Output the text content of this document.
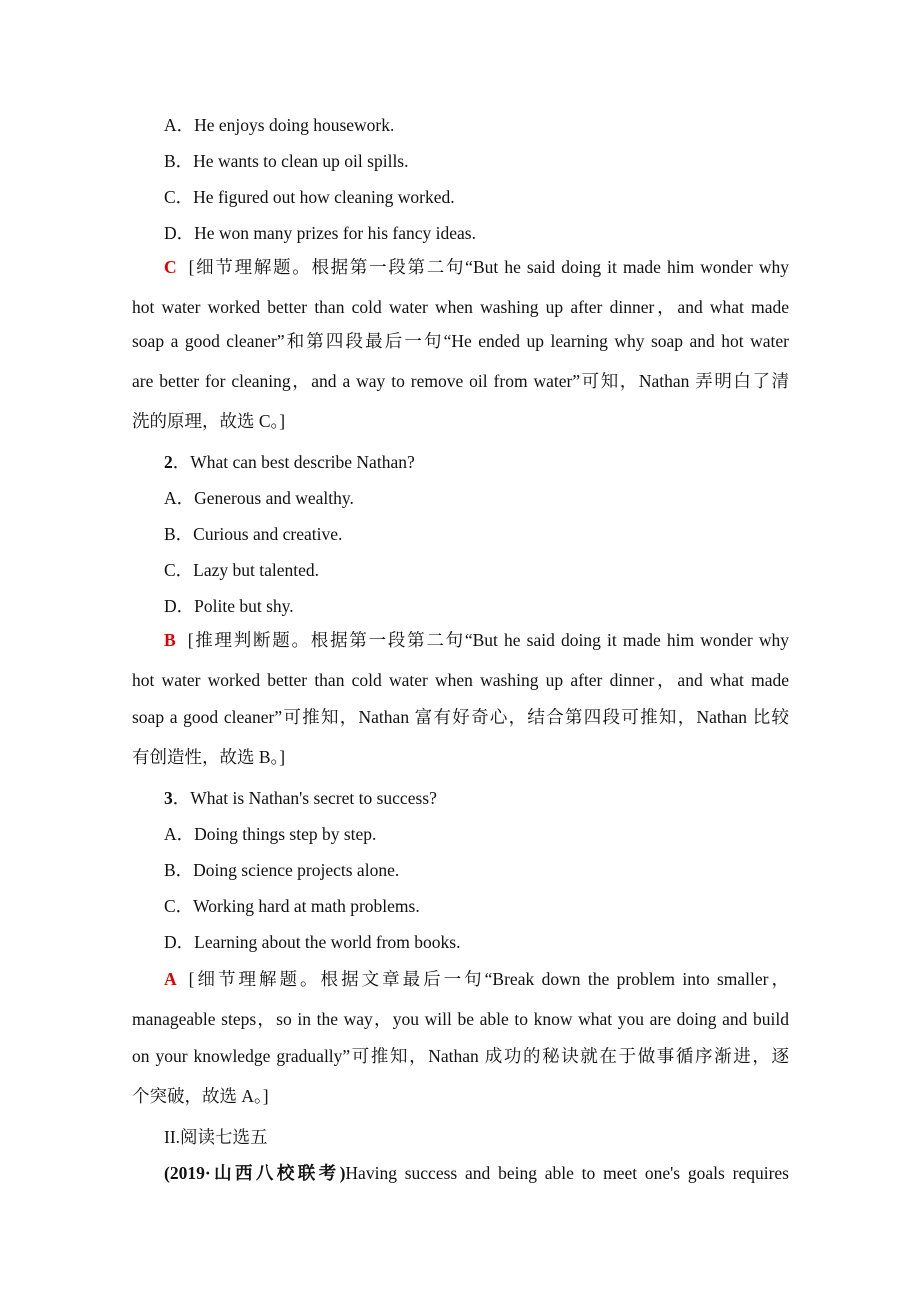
A．He enjoys doing housework.
B．He wants to clean up oil spills.
C．He figured out how cleaning worked.
D．He won many prizes for his fancy ideas.
C [细节理解题。根据第一段第二句“But he said doing it made him wonder why
hot water worked better than cold water when washing up after dinner，and what made
soap a good cleaner”和第四段最后一句“He ended up learning why soap and hot water
are better for cleaning，and a way to remove oil from water”可知，Nathan 弄明白了清
洗的原理，故选 C。]
2．What can best describe Nathan?
A．Generous and wealthy.
B．Curious and creative.
C．Lazy but talented.
D．Polite but shy.
B [推理判断题。根据第一段第二句“But he said doing it made him wonder why
hot water worked better than cold water when washing up after dinner，and what made
soap a good cleaner”可推知，Nathan 富有好奇心，结合第四段可推知，Nathan 比较
有创造性，故选 B。]
3．What is Nathan's secret to success?
A．Doing things step by step.
B．Doing science projects alone.
C．Working hard at math problems.
D．Learning about the world from books.
A [细节理解题。根据文章最后一句“Break down the problem into smaller，
manageable steps，so in the way，you will be able to know what you are doing and build
on your knowledge gradually”可推知，Nathan 成功的秘诀就在于做事循序渐进，逐
个突破，故选 A。]
II.阅读七选五
(2019·山西八校联考)Having success and being able to meet one's goals requires
